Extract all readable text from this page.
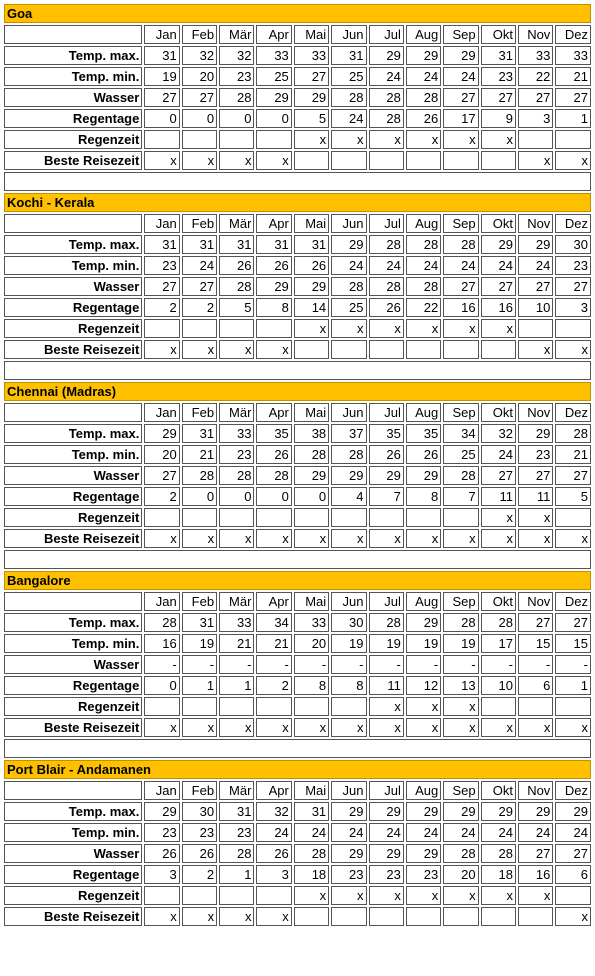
Goa												
	Jan	Feb	Mär	Apr	Mai	Jun	Jul	Aug	Sep	Okt	Nov	Dez
Temp. max.	31	32	32	33	33	31	29	29	29	31	33	33
Temp. min.	19	20	23	25	27	25	24	24	24	23	22	21
Wasser	27	27	28	29	29	28	28	28	27	27	27	27
Regentage	0	0	0	0	5	24	28	26	17	9	3	1
Regenzeit					x	x	x	x	x	x		
Beste Reisezeit	x	x	x	x							x	x

Kochi - Kerala												
	Jan	Feb	Mär	Apr	Mai	Jun	Jul	Aug	Sep	Okt	Nov	Dez
Temp. max.	31	31	31	31	31	29	28	28	28	29	29	30
Temp. min.	23	24	26	26	26	24	24	24	24	24	24	23
Wasser	27	27	28	29	29	28	28	28	27	27	27	27
Regentage	2	2	5	8	14	25	26	22	16	16	10	3
Regenzeit					x	x	x	x	x	x		
Beste Reisezeit	x	x	x	x							x	x

Chennai (Madras)												
	Jan	Feb	Mär	Apr	Mai	Jun	Jul	Aug	Sep	Okt	Nov	Dez
Temp. max.	29	31	33	35	38	37	35	35	34	32	29	28
Temp. min.	20	21	23	26	28	28	26	26	25	24	23	21
Wasser	27	28	28	28	29	29	29	29	28	27	27	27
Regentage	2	0	0	0	0	4	7	8	7	11	11	5
Regenzeit										x	x	
Beste Reisezeit	x	x	x	x	x	x	x	x	x	x	x	x

Bangalore												
	Jan	Feb	Mär	Apr	Mai	Jun	Jul	Aug	Sep	Okt	Nov	Dez
Temp. max.	28	31	33	34	33	30	28	29	28	28	27	27
Temp. min.	16	19	21	21	20	19	19	19	19	17	15	15
Wasser	-	-	-	-	-	-	-	-	-	-	-	-
Regentage	0	1	1	2	8	8	11	12	13	10	6	1
Regenzeit							x	x	x			
Beste Reisezeit	x	x	x	x	x	x	x	x	x	x	x	x

Port Blair - Andamanen												
	Jan	Feb	Mär	Apr	Mai	Jun	Jul	Aug	Sep	Okt	Nov	Dez
Temp. max.	29	30	31	32	31	29	29	29	29	29	29	29
Temp. min.	23	23	23	24	24	24	24	24	24	24	24	24
Wasser	26	26	28	26	28	29	29	29	28	28	27	27
Regentage	3	2	1	3	18	23	23	23	20	18	16	6
Regenzeit					x	x	x	x	x	x	x	
Beste Reisezeit	x	x	x	x								x
